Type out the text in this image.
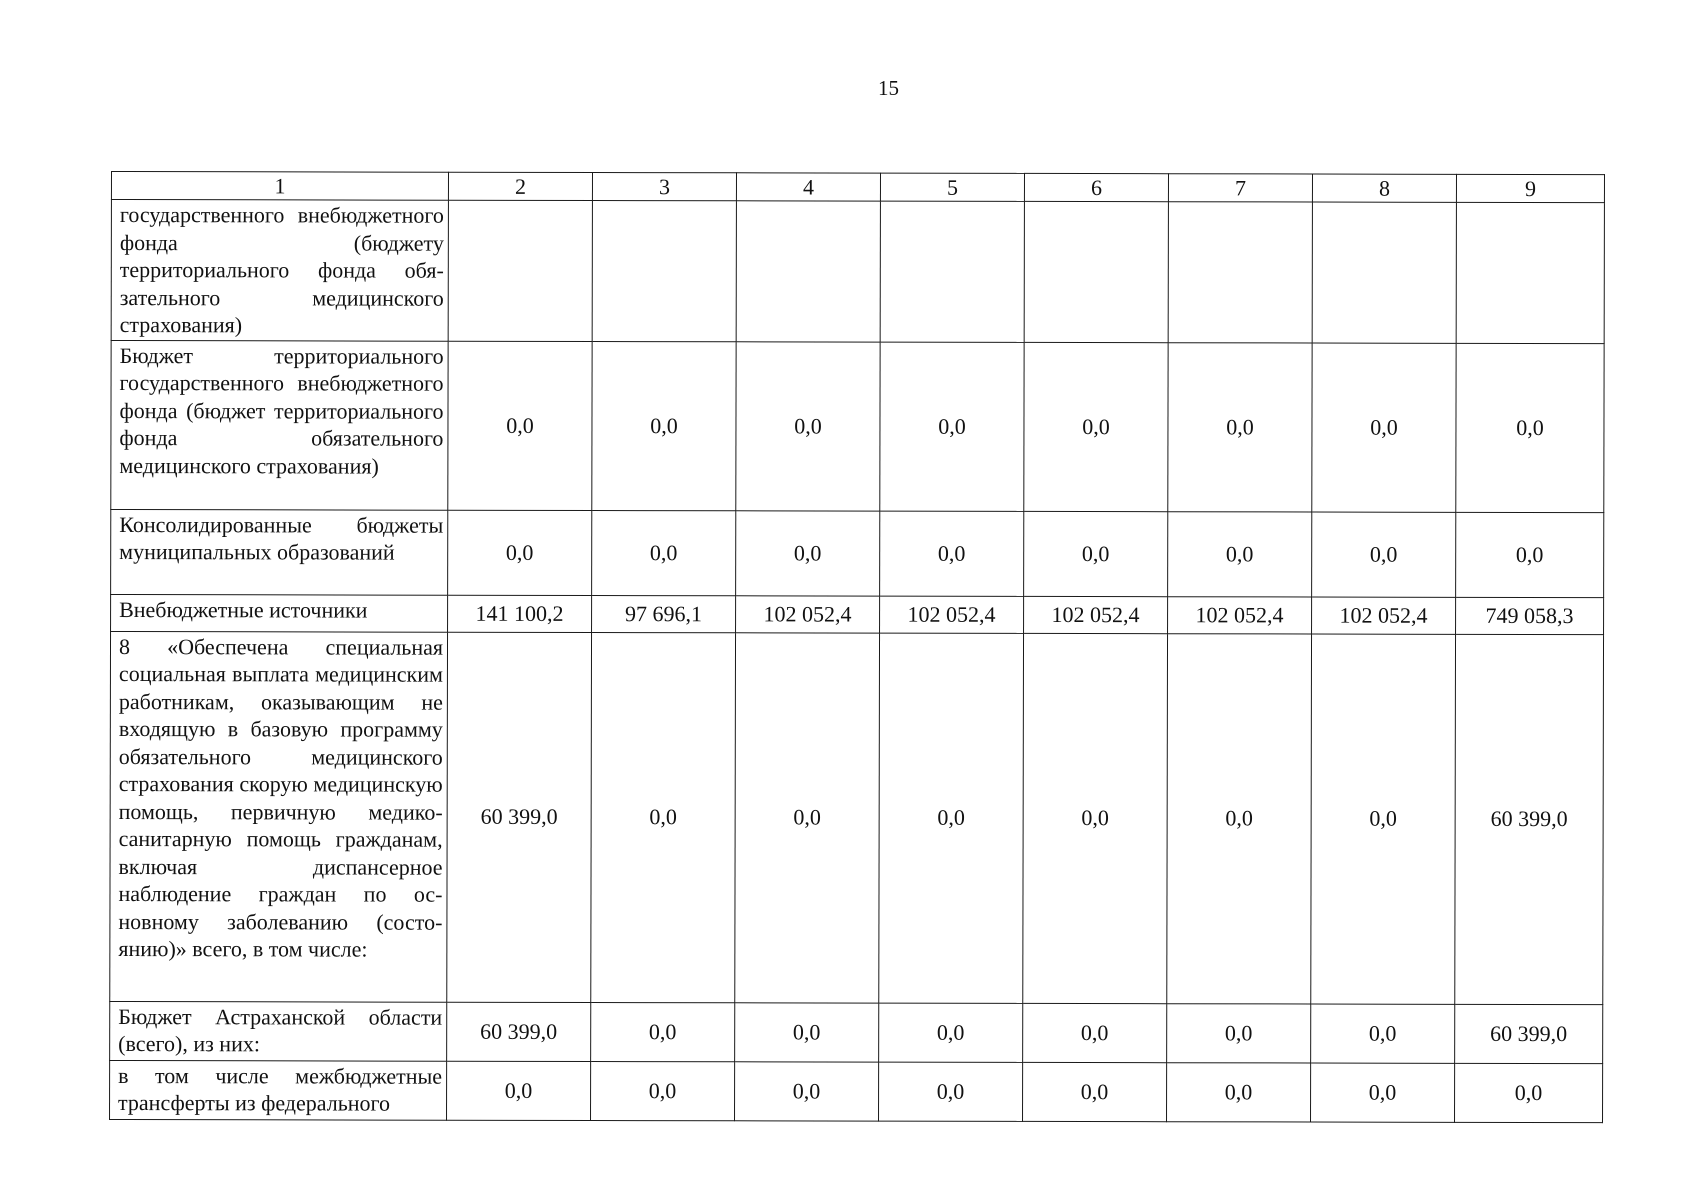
15
1	2	3	4	5	6	7	8	9
государственного внебюджетного фонда (бюджету территориального фонда обязательного медицинского страхования)								
Бюджет территориального государственного внебюджетного фонда (бюджет территориального фонда обязательного медицинского страхования)	0,0	0,0	0,0	0,0	0,0	0,0	0,0	0,0
Консолидированные бюджеты муниципальных образований	0,0	0,0	0,0	0,0	0,0	0,0	0,0	0,0
Внебюджетные источники	141 100,2	97 696,1	102 052,4	102 052,4	102 052,4	102 052,4	102 052,4	749 058,3
8 «Обеспечена специальная социальная выплата медицинским работникам, оказывающим не входящую в базовую программу обязательного медицинского страхования скорую медицинскую помощь, первичную медико-санитарную помощь гражданам, включая диспансерное наблюдение граждан по основному заболеванию (состоянию)» всего, в том числе:	60 399,0	0,0	0,0	0,0	0,0	0,0	0,0	60 399,0
Бюджет Астраханской области (всего), из них:	60 399,0	0,0	0,0	0,0	0,0	0,0	0,0	60 399,0
в том числе межбюджетные трансферты из федерального	0,0	0,0	0,0	0,0	0,0	0,0	0,0	0,0
